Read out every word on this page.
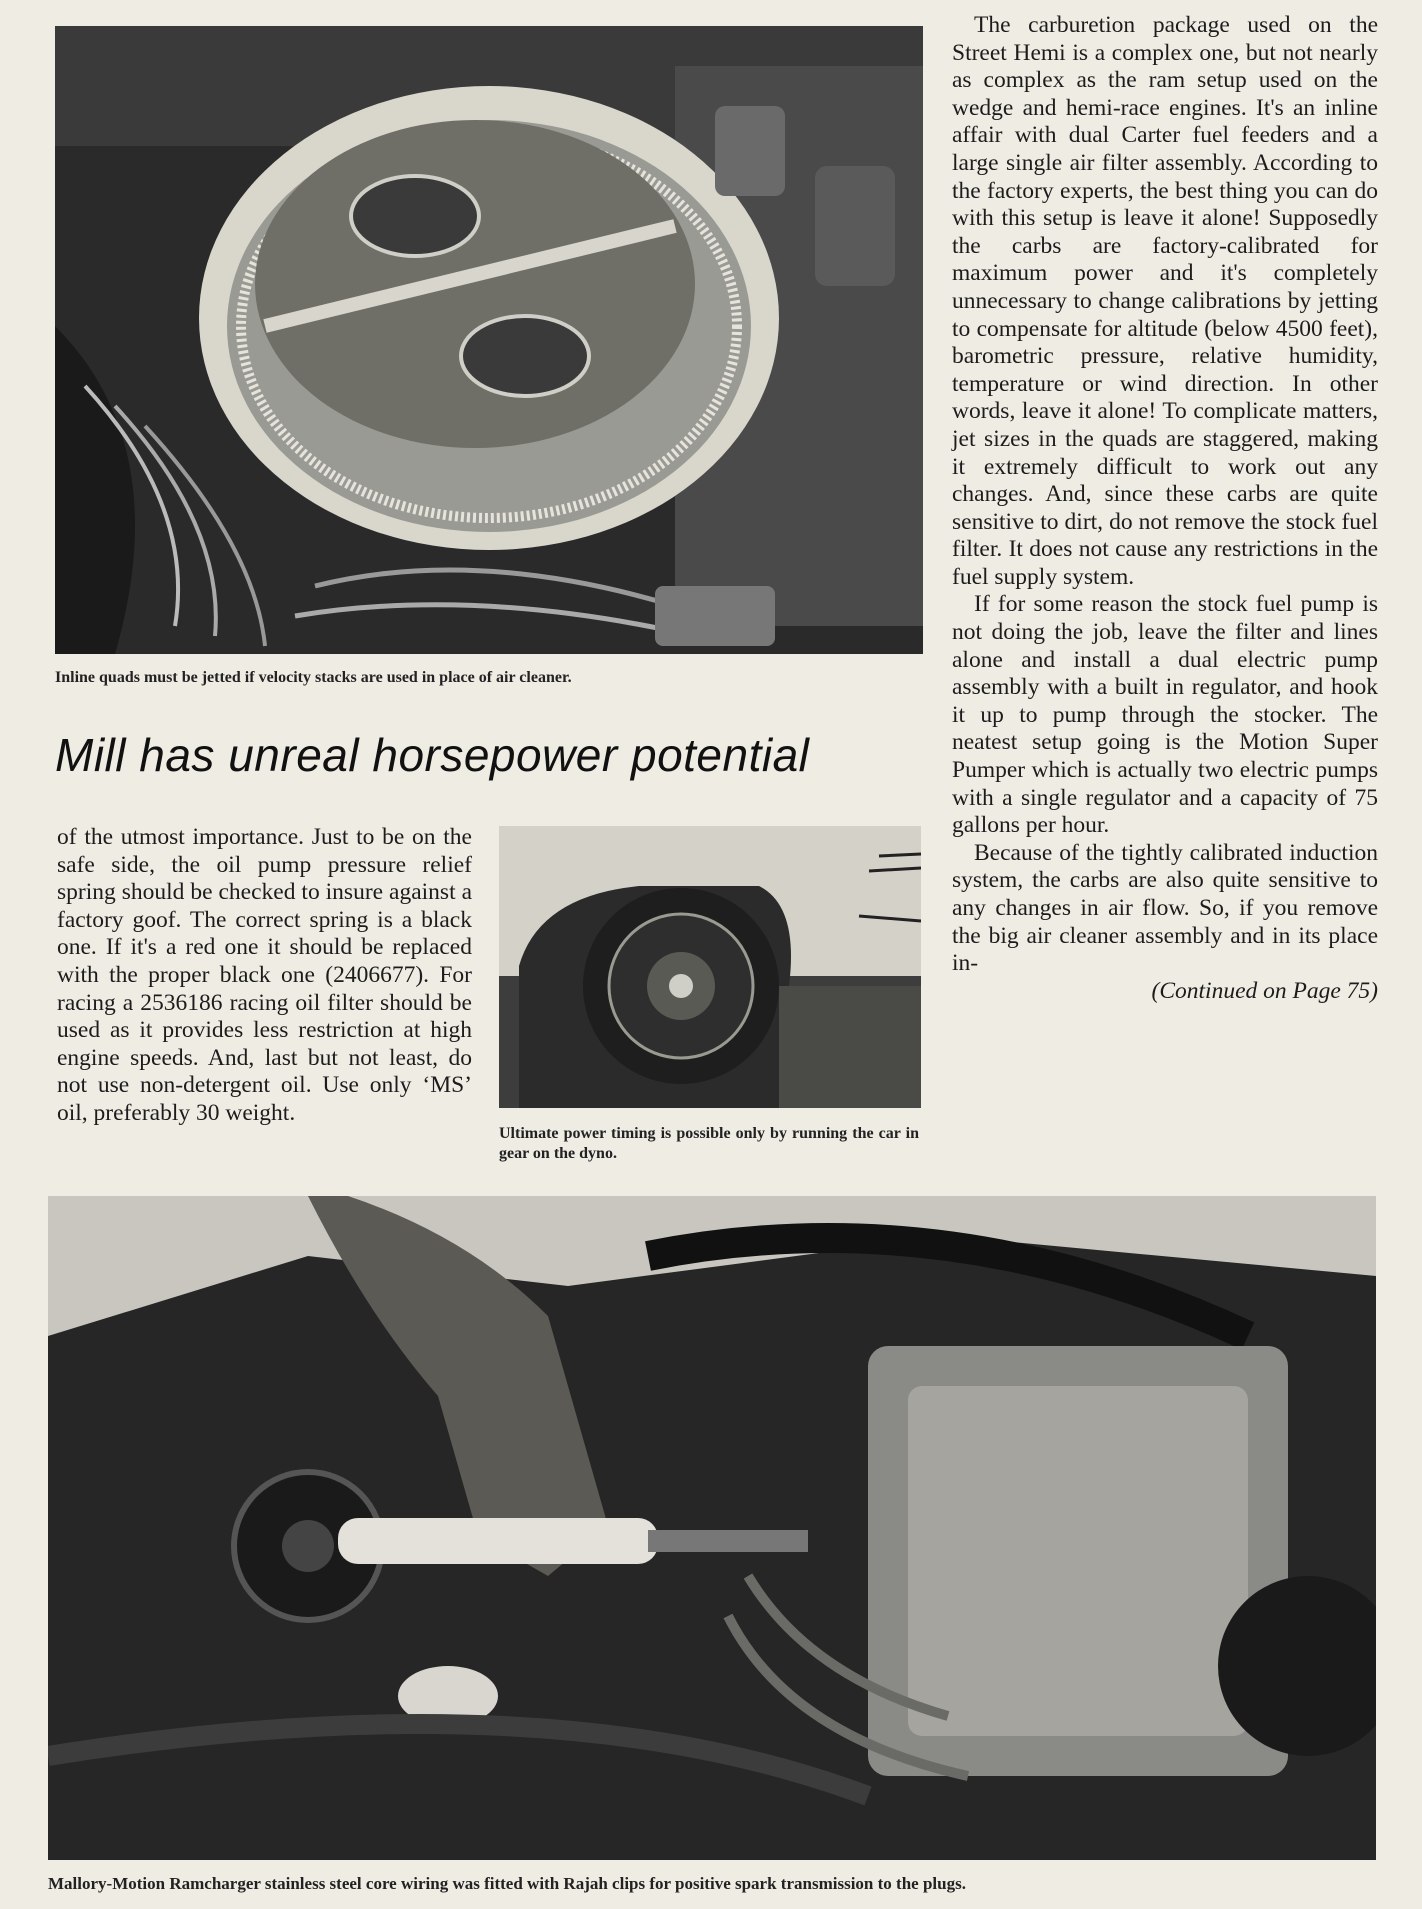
Inline quads must be jetted if velocity stacks are used in place of air cleaner.
Mill has unreal horsepower potential

of the utmost importance. Just to be on the safe side, the oil pump pressure relief spring should be checked to insure against a factory goof. The correct spring is a black one. If it's a red one it should be replaced with the proper black one (2406677). For racing a 2536186 racing oil filter should be used as it provides less restriction at high engine speeds. And, last but not least, do not use non-detergent oil. Use only ‘MS’ oil, preferably 30 weight.

Ultimate power timing is possible only by running the car in gear on the dyno.

The carburetion package used on the Street Hemi is a complex one, but not nearly as complex as the ram setup used on the wedge and hemi-race engines. It's an inline affair with dual Carter fuel feeders and a large single air filter assembly. According to the factory experts, the best thing you can do with this setup is leave it alone! Supposedly the carbs are factory-calibrated for maximum power and it's completely unnecessary to change calibrations by jetting to compensate for altitude (below 4500 feet), barometric pressure, relative humidity, temperature or wind direction. In other words, leave it alone! To complicate matters, jet sizes in the quads are staggered, making it extremely difficult to work out any changes. And, since these carbs are quite sensitive to dirt, do not remove the stock fuel filter. It does not cause any restrictions in the fuel supply system.

If for some reason the stock fuel pump is not doing the job, leave the filter and lines alone and install a dual electric pump assembly with a built in regulator, and hook it up to pump through the stocker. The neatest setup going is the Motion Super Pumper which is actually two electric pumps with a single regulator and a capacity of 75 gallons per hour.

Because of the tightly calibrated induction system, the carbs are also quite sensitive to any changes in air flow. So, if you remove the big air cleaner assembly and in its place in-

(Continued on Page 75)

Mallory-Motion Ramcharger stainless steel core wiring was fitted with Rajah clips for positive spark transmission to the plugs.
